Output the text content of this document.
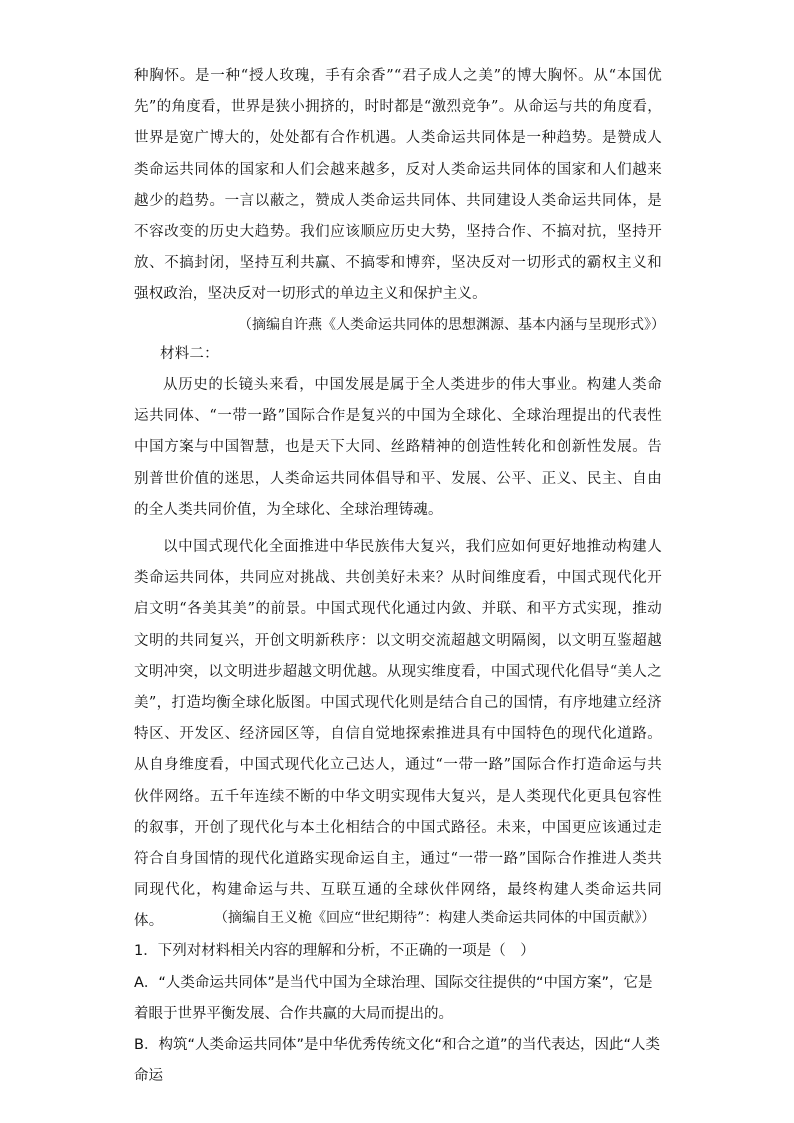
种胸怀。是一种“授人玫瑰，手有余香”“君子成人之美”的博大胸怀。从“本国优先”的角度看，世界是狭小拥挤的，时时都是“激烈竞争”。从命运与共的角度看，世界是宽广博大的，处处都有合作机遇。人类命运共同体是一种趋势。是赞成人类命运共同体的国家和人们会越来越多，反对人类命运共同体的国家和人们越来越少的趋势。一言以蔽之，赞成人类命运共同体、共同建设人类命运共同体，是不容改变的历史大趋势。我们应该顺应历史大势，坚持合作、不搞对抗，坚持开放、不搞封闭，坚持互利共赢、不搞零和博弈，坚决反对一切形式的霸权主义和强权政治，坚决反对一切形式的单边主义和保护主义。
（摘编自许燕《人类命运共同体的思想渊源、基本内涵与呈现形式》）
材料二：
从历史的长镜头来看，中国发展是属于全人类进步的伟大事业。构建人类命运共同体、“一带一路”国际合作是复兴的中国为全球化、全球治理提出的代表性中国方案与中国智慧，也是天下大同、丝路精神的创造性转化和创新性发展。告别普世价值的迷思，人类命运共同体倡导和平、发展、公平、正义、民主、自由的全人类共同价值，为全球化、全球治理铸魂。
以中国式现代化全面推进中华民族伟大复兴，我们应如何更好地推动构建人类命运共同体，共同应对挑战、共创美好未来？从时间维度看，中国式现代化开启文明“各美其美”的前景。中国式现代化通过内敛、并联、和平方式实现，推动文明的共同复兴，开创文明新秩序：以文明交流超越文明隔阂，以文明互鉴超越文明冲突，以文明进步超越文明优越。从现实维度看，中国式现代化倡导“美人之美”，打造均衡全球化版图。中国式现代化则是结合自己的国情，有序地建立经济特区、开发区、经济园区等，自信自觉地探索推进具有中国特色的现代化道路。从自身维度看，中国式现代化立己达人，通过“一带一路”国际合作打造命运与共伙伴网络。五千年连续不断的中华文明实现伟大复兴，是人类现代化更具包容性的叙事，开创了现代化与本土化相结合的中国式路径。未来，中国更应该通过走符合自身国情的现代化道路实现命运自主，通过“一带一路”国际合作推进人类共同现代化，构建命运与共、互联互通的全球伙伴网络，最终构建人类命运共同体。	（摘编自王义桅《回应“世纪期待”：构建人类命运共同体的中国贡献》）
1．下列对材料相关内容的理解和分析，不正确的一项是（　）
A．“人类命运共同体”是当代中国为全球治理、国际交往提供的“中国方案”，它是着眼于世界平衡发展、合作共赢的大局而提出的。
B．构筑“人类命运共同体”是中华优秀传统文化“和合之道”的当代表达，因此“人类命运
